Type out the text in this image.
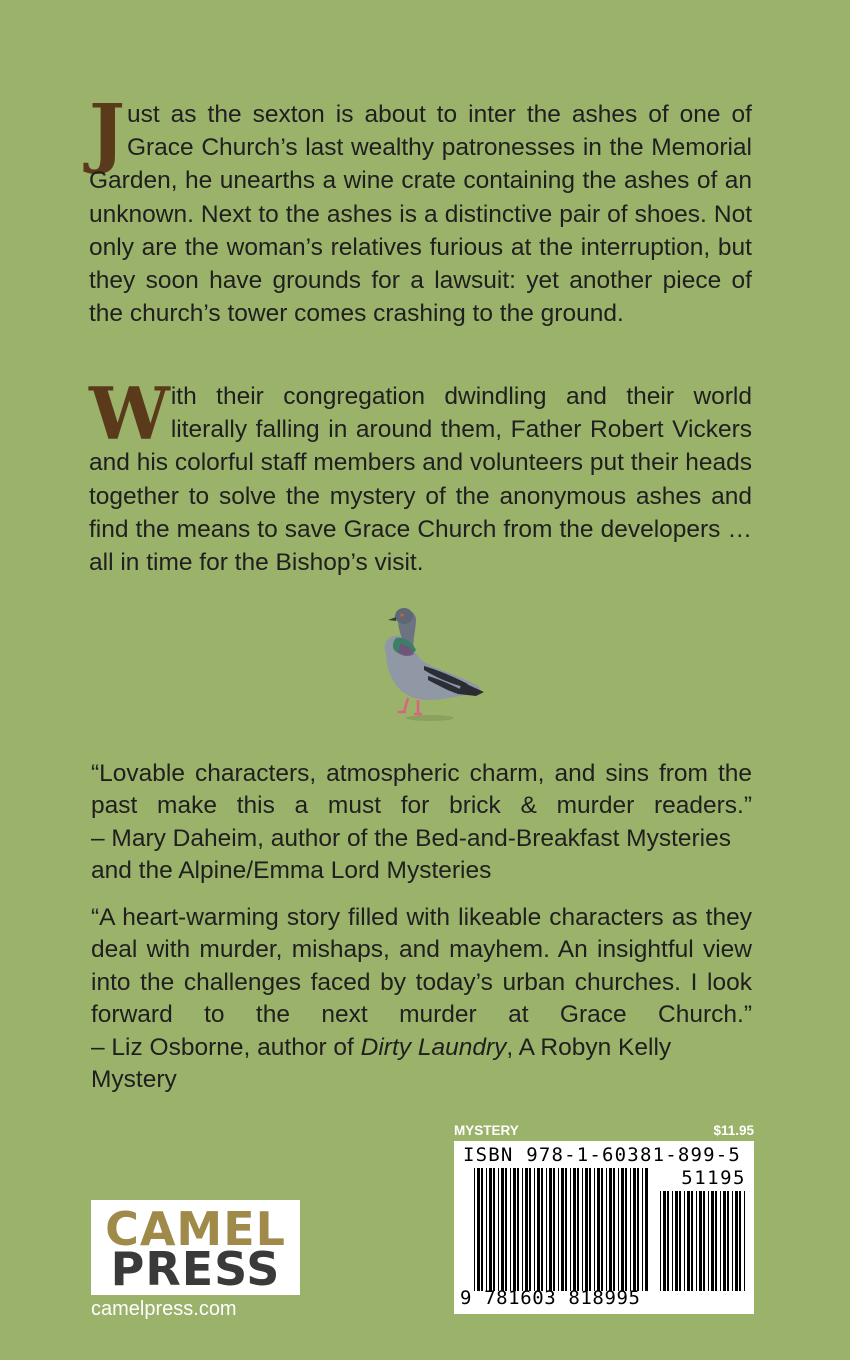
Just as the sexton is about to inter the ashes of one of Grace Church’s last wealthy patronesses in the Memorial Garden, he unearths a wine crate containing the ashes of an unknown. Next to the ashes is a distinctive pair of shoes. Not only are the woman’s relatives furious at the interruption, but they soon have grounds for a lawsuit: yet another piece of the church’s tower comes crashing to the ground.

With their congregation dwindling and their world literally falling in around them, Father Robert Vickers and his colorful staff members and volunteers put their heads together to solve the mystery of the anonymous ashes and find the means to save Grace Church from the developers … all in time for the Bishop’s visit.

“Lovable characters, atmospheric charm, and sins from the past make this a must for brick & murder readers.”
– Mary Daheim, author of the Bed-and-Breakfast Mysteries and the Alpine/Emma Lord Mysteries
“A heart-warming story filled with likeable characters as they deal with murder, mishaps, and mayhem. An insightful view into the challenges faced by today’s urban churches. I look forward to the next murder at Grace Church.”
– Liz Osborne, author of Dirty Laundry, A Robyn Kelly Mystery
MYSTERY	$11.95
ISBN 978-1-60381-899-5
51195
9 781603 818995
CAMEL
PRESS
camelpress.com
